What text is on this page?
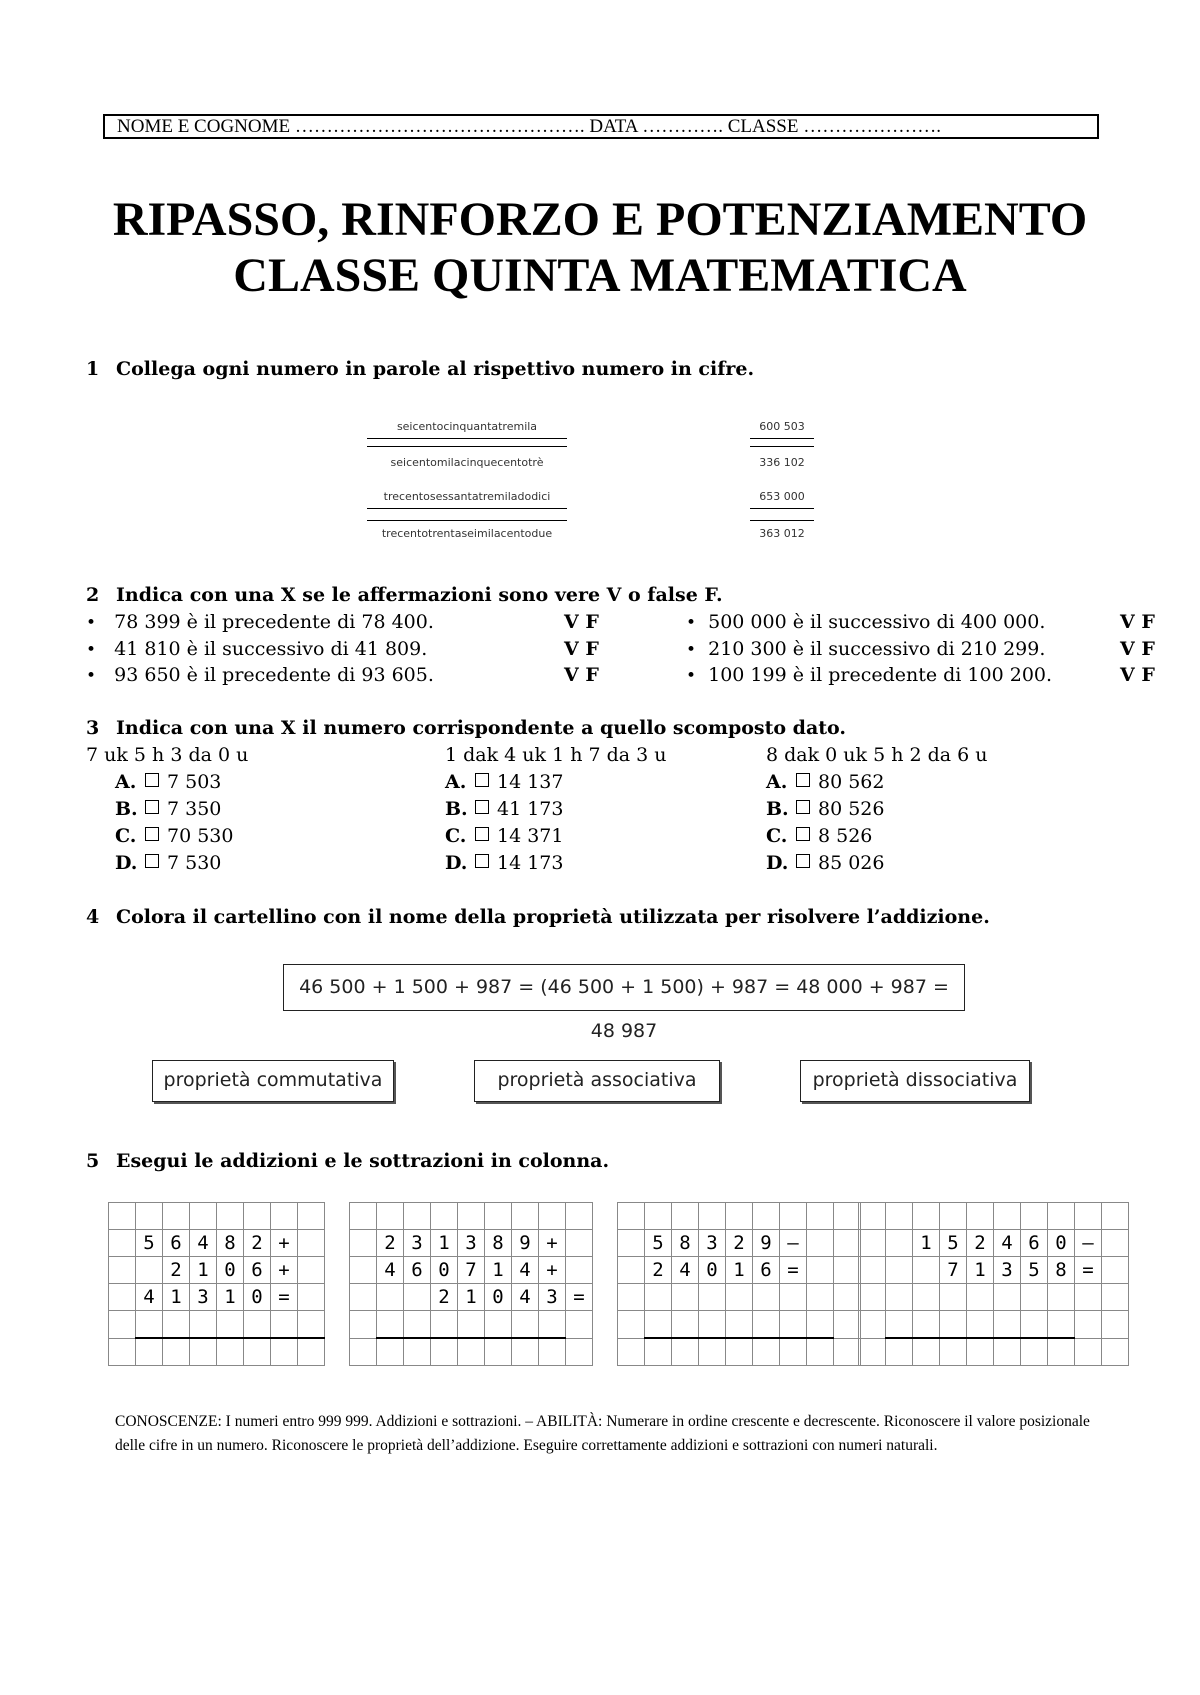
NOME E COGNOME ………………………………………. DATA …………. CLASSE ………………….
RIPASSO, RINFORZO E POTENZIAMENTO
CLASSE QUINTA MATEMATICA
1 Collega ogni numero in parole al rispettivo numero in cifre.
seicentocinquantatremila
seicentomilacinquecentotrè
trecentosessantatremiladodici
trecentotrentaseimilacentodue
600 503
336 102
653 000
363 012
2 Indica con una X se le affermazioni sono vere V o false F.
• 78 399 è il precedente di 78 400.	V F	• 500 000 è il successivo di 400 000.	V F
• 41 810 è il successivo di 41 809.	V F	• 210 300 è il successivo di 210 299.	V F
• 93 650 è il precedente di 93 605.	V F	• 100 199 è il precedente di 100 200.	V F
3 Indica con una X il numero corrispondente a quello scomposto dato.
7 uk 5 h 3 da 0 u
A. 7 503
B. 7 350
C. 70 530
D. 7 530
1 dak 4 uk 1 h 7 da 3 u
A. 14 137
B. 41 173
C. 14 371
D. 14 173
8 dak 0 uk 5 h 2 da 6 u
A. 80 562
B. 80 526
C. 8 526
D. 85 026
4 Colora il cartellino con il nome della proprietà utilizzata per risolvere l’addizione.
46 500 + 1 500 + 987 = (46 500 + 1 500) + 987 = 48 000 + 987 = 48 987
proprietà commutativa	proprietà associativa	proprietà dissociativa
5 Esegui le addizioni e le sottrazioni in colonna.

	5	6	4	8	2	+	
		2	1	0	6	+	
	4	1	3	1	0	=	

	2	3	1	3	8	9	+	
	4	6	0	7	1	4	+	
			2	1	0	4	3	=

	5	8	3	2	9	–		
	2	4	0	1	6	=		

		1	5	2	4	6	0	–	
			7	1	3	5	8	=	

CONOSCENZE: I numeri entro 999 999. Addizioni e sottrazioni. – ABILITÀ: Numerare in ordine crescente e decrescente. Riconoscere il valore posizionale delle cifre in un numero. Riconoscere le proprietà dell’addizione. Eseguire correttamente addizioni e sottrazioni con numeri naturali.
